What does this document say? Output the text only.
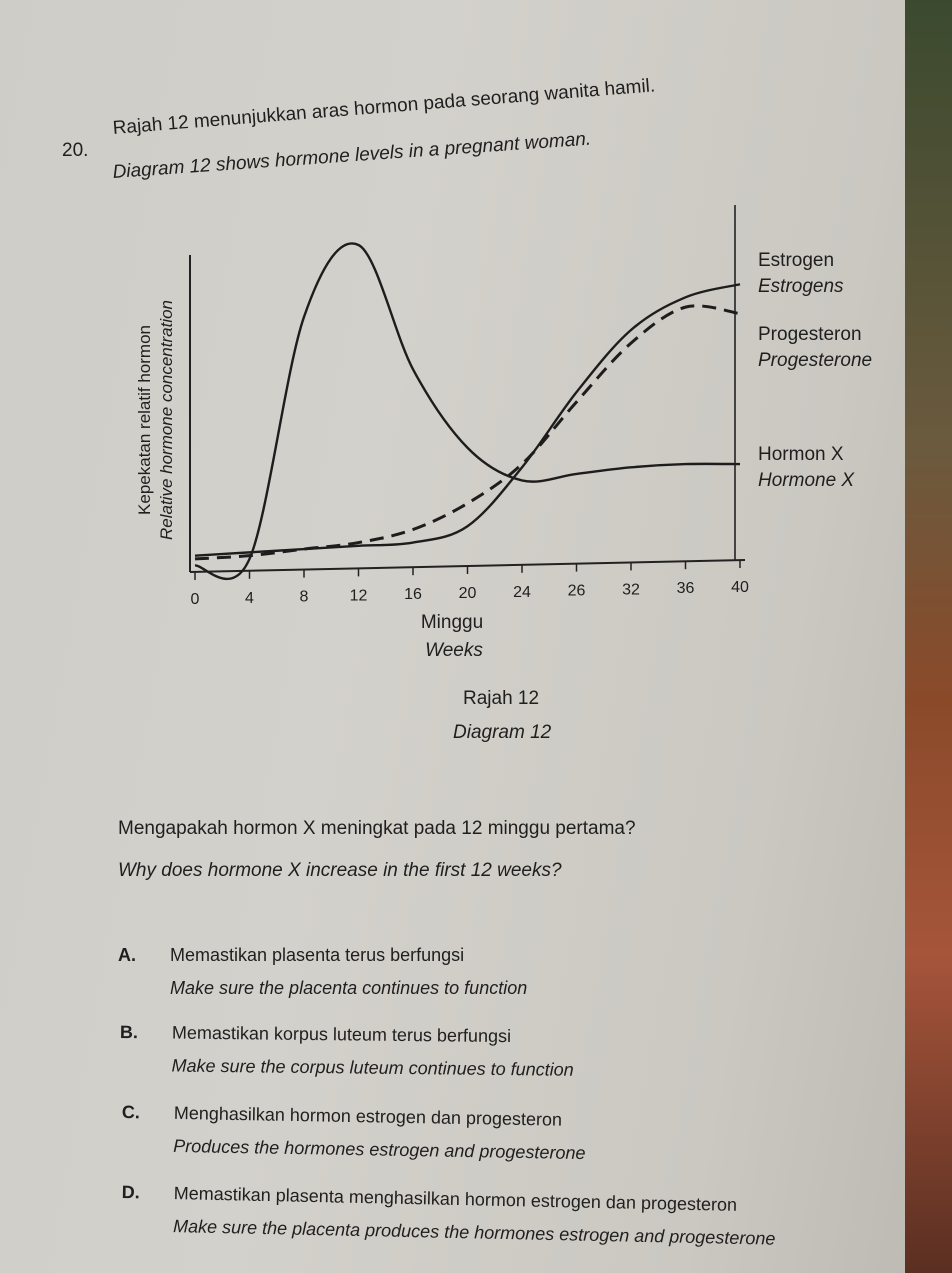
20.
Rajah 12 menunjukkan aras hormon pada seorang wanita hamil.
Diagram 12 shows hormone levels in a pregnant woman.
0	4	8	12 16 20 24 26 32 36 40
Estrogen
Estrogens
Progesteron
Progesterone
Hormon X
Hormone X
Minggu
Weeks
Kepekatan relatif hormon Relative hormone concentration
Rajah 12
Diagram 12
Mengapakah hormon X meningkat pada 12 minggu pertama?
Why does hormone X increase in the first 12 weeks?
A. Memastikan plasenta terus berfungsi
Make sure the placenta continues to function
B. Memastikan korpus luteum terus berfungsi
Make sure the corpus luteum continues to function
C. Menghasilkan hormon estrogen dan progesteron
Produces the hormones estrogen and progesterone
D. Memastikan plasenta menghasilkan hormon estrogen dan progesteron
Make sure the placenta produces the hormones estrogen and progesterone
